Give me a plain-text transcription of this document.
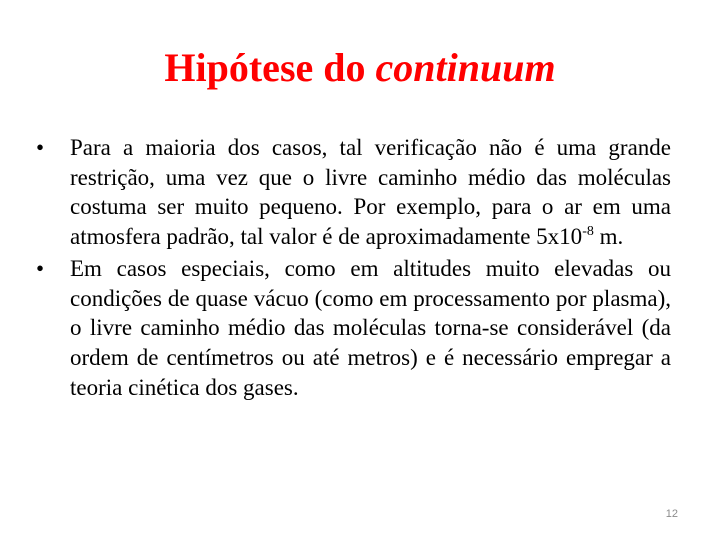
Hipótese do continuum
•	Para a maioria dos casos, tal verificação não é uma grande restrição, uma vez que o livre caminho médio das moléculas costuma ser muito pequeno. Por exemplo, para o ar em uma atmosfera padrão, tal valor é de aproximadamente $5x10^{-8}$ m.
•	Em casos especiais, como em altitudes muito elevadas ou condições de quase vácuo (como em processamento por plasma), o livre caminho médio das moléculas torna-se considerável (da ordem de centímetros ou até metros) e é necessário empregar a teoria cinética dos gases.
12
